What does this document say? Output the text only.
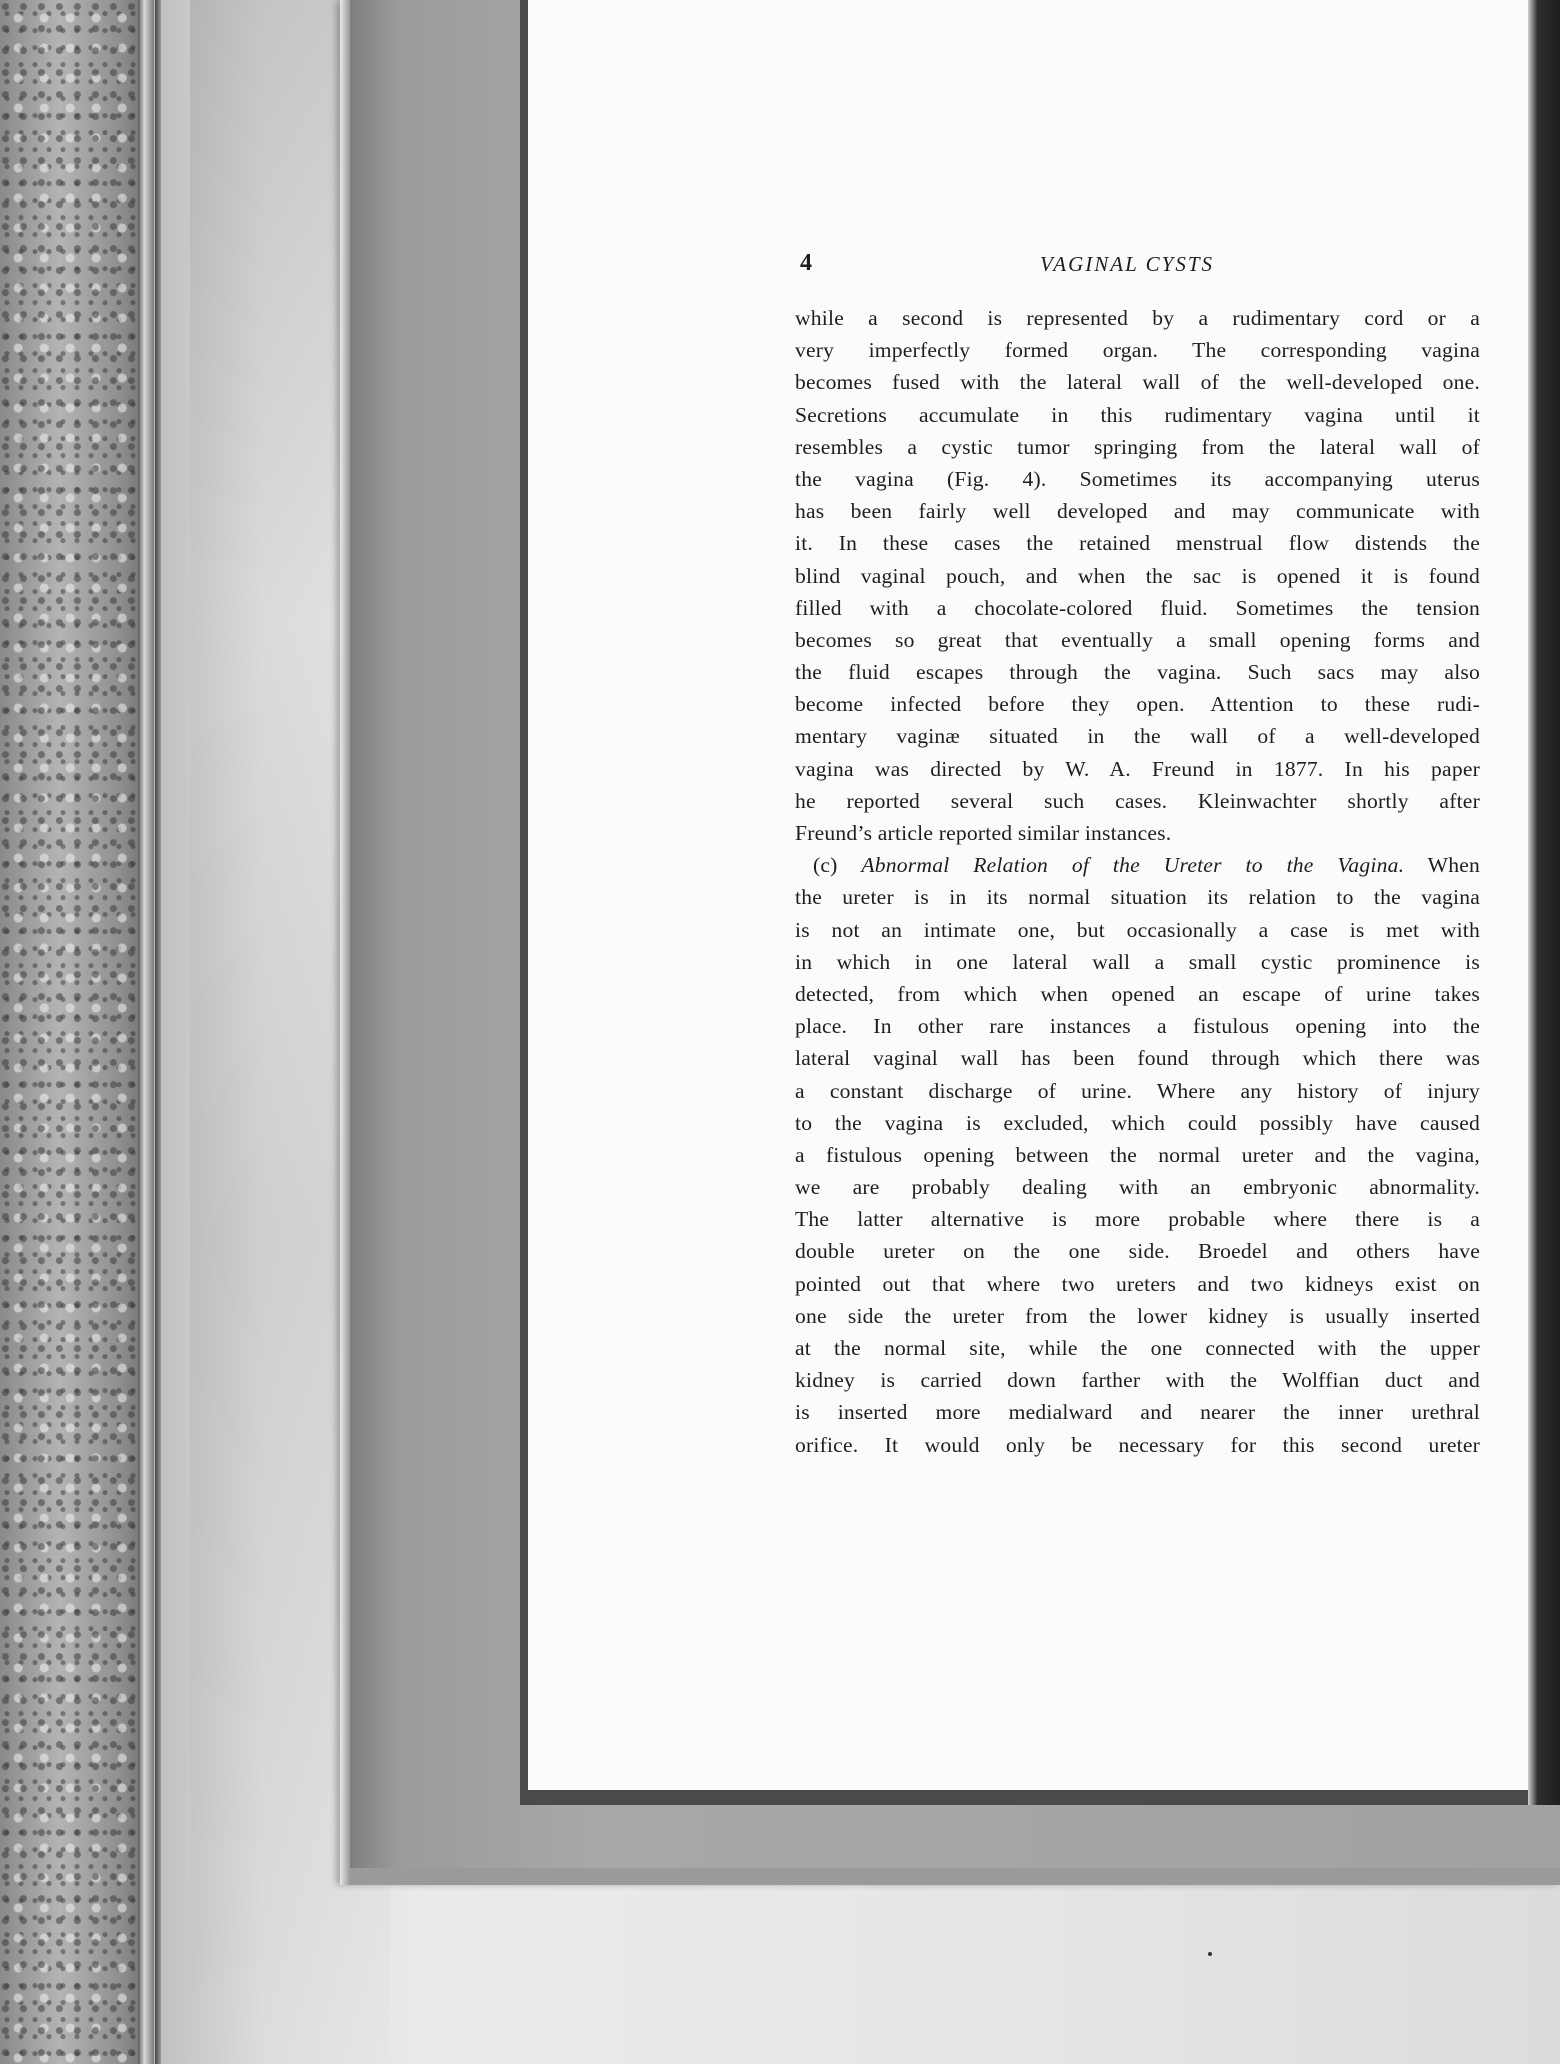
4	VAGINAL CYSTS
while a second is represented by a rudimentary cord or a
very imperfectly formed organ. The corresponding vagina
becomes fused with the lateral wall of the well-developed one.
Secretions accumulate in this rudimentary vagina until it
resembles a cystic tumor springing from the lateral wall of
the vagina (Fig. 4). Sometimes its accompanying uterus
has been fairly well developed and may communicate with
it. In these cases the retained menstrual flow distends the
blind vaginal pouch, and when the sac is opened it is found
filled with a chocolate-colored fluid. Sometimes the tension
becomes so great that eventually a small opening forms and
the fluid escapes through the vagina. Such sacs may also
become infected before they open. Attention to these rudi-
mentary vaginæ situated in the wall of a well-developed
vagina was directed by W. A. Freund in 1877. In his paper
he reported several such cases. Kleinwachter shortly after
Freund’s article reported similar instances.
(c) Abnormal Relation of the Ureter to the Vagina. When
the ureter is in its normal situation its relation to the vagina
is not an intimate one, but occasionally a case is met with
in which in one lateral wall a small cystic prominence is
detected, from which when opened an escape of urine takes
place. In other rare instances a fistulous opening into the
lateral vaginal wall has been found through which there was
a constant discharge of urine. Where any history of injury
to the vagina is excluded, which could possibly have caused
a fistulous opening between the normal ureter and the vagina,
we are probably dealing with an embryonic abnormality.
The latter alternative is more probable where there is a
double ureter on the one side. Broedel and others have
pointed out that where two ureters and two kidneys exist on
one side the ureter from the lower kidney is usually inserted
at the normal site, while the one connected with the upper
kidney is carried down farther with the Wolffian duct and
is inserted more medialward and nearer the inner urethral
orifice. It would only be necessary for this second ureter
